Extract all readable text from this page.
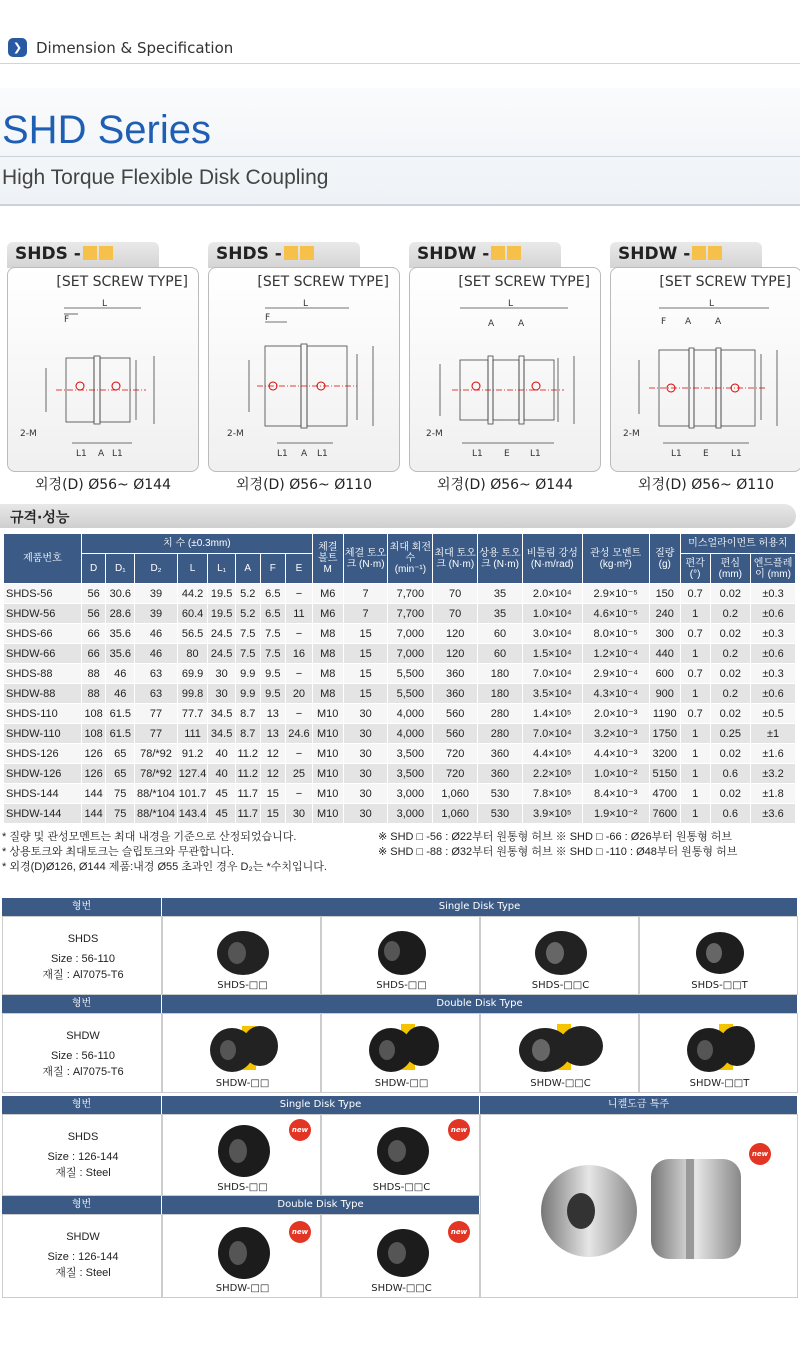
❯ Dimension & Specification
SHD Series
High Torque Flexible Disk Coupling
SHDS -
[SET SCREW TYPE]
L
F
2-M
L1 A L1
외경(D) Ø56~ Ø144
SHDS -
[SET SCREW TYPE]
L
F
2-M
L1 A L1
외경(D) Ø56~ Ø110
SHDW -
[SET SCREW TYPE]
L
A	A
2-M
L1 E L1
외경(D) Ø56~ Ø144
SHDW -
[SET SCREW TYPE]
L
F A	A
2-M
L1 E L1
외경(D) Ø56~ Ø110
규격·성능
제품번호	치 수 (±0.3mm)								체결 볼트 M	체결 토오크 (N·m)	최대 회전수 (min⁻¹)	최대 토오크 (N·m)	상용 토오크 (N·m)	비틀림 강성 (N·m/rad)	관성 모멘트 (kg·m²)	질량 (g)	미스얼라이먼트 허용치		
	D	D₁	D₂	L	L₁	A	F	E									편각 (°)	편심 (mm)	엔드플레이 (mm)
SHDS-56	56	30.6	39	44.2	19.5	5.2	6.5	−	M6	7	7,700	70	35	2.0×10⁴	2.9×10⁻⁵	150	0.7	0.02	±0.3
SHDW-56	56	28.6	39	60.4	19.5	5.2	6.5	11	M6	7	7,700	70	35	1.0×10⁴	4.6×10⁻⁵	240	1	0.2	±0.6
SHDS-66	66	35.6	46	56.5	24.5	7.5	7.5	−	M8	15	7,000	120	60	3.0×10⁴	8.0×10⁻⁵	300	0.7	0.02	±0.3
SHDW-66	66	35.6	46	80	24.5	7.5	7.5	16	M8	15	7,000	120	60	1.5×10⁴	1.2×10⁻⁴	440	1	0.2	±0.6
SHDS-88	88	46	63	69.9	30	9.9	9.5	−	M8	15	5,500	360	180	7.0×10⁴	2.9×10⁻⁴	600	0.7	0.02	±0.3
SHDW-88	88	46	63	99.8	30	9.9	9.5	20	M8	15	5,500	360	180	3.5×10⁴	4.3×10⁻⁴	900	1	0.2	±0.6
SHDS-110	108	61.5	77	77.7	34.5	8.7	13	−	M10	30	4,000	560	280	1.4×10⁵	2.0×10⁻³	1190	0.7	0.02	±0.5
SHDW-110	108	61.5	77	111	34.5	8.7	13	24.6	M10	30	4,000	560	280	7.0×10⁴	3.2×10⁻³	1750	1	0.25	±1
SHDS-126	126	65	78/*92	91.2	40	11.2	12	−	M10	30	3,500	720	360	4.4×10⁵	4.4×10⁻³	3200	1	0.02	±1.6
SHDW-126	126	65	78/*92	127.4	40	11.2	12	25	M10	30	3,500	720	360	2.2×10⁵	1.0×10⁻²	5150	1	0.6	±3.2
SHDS-144	144	75	88/*104	101.7	45	11.7	15	−	M10	30	3,000	1,060	530	7.8×10⁵	8.4×10⁻³	4700	1	0.02	±1.8
SHDW-144	144	75	88/*104	143.4	45	11.7	15	30	M10	30	3,000	1,060	530	3.9×10⁵	1.9×10⁻²	7600	1	0.6	±3.6
* 질량 및 관성모멘트는 최대 내경을 기준으로 산정되었습니다.
* 상용토크와 최대토크는 슬립토크와 무관합니다.
* 외경(D)Ø126, Ø144 제품:내경 Ø55 초과인 경우 D₂는 *수치입니다.
※ SHD □ -56 : Ø22부터 원통형 허브 ※ SHD □ -66 : Ø26부터 원통형 허브
※ SHD □ -88 : Ø32부터 원통형 허브 ※ SHD □ -110 : Ø48부터 원통형 허브
형번	Single Disk Type
SHDS
Size : 56-110
재질 : Al7075-T6
SHDS-□□	SHDS-□□	SHDS-□□C	SHDS-□□T
형번	Double Disk Type
SHDW
Size : 56-110
재질 : Al7075-T6
SHDW-□□	SHDW-□□	SHDW-□□C	SHDW-□□T
형번	Single Disk Type	니켈도금 특주
SHDS
Size : 126-144
재질 : Steel
new
SHDS-□□
new
SHDS-□□C
new
형번	Double Disk Type
SHDW
Size : 126-144
재질 : Steel
new
SHDW-□□
new
SHDW-□□C
